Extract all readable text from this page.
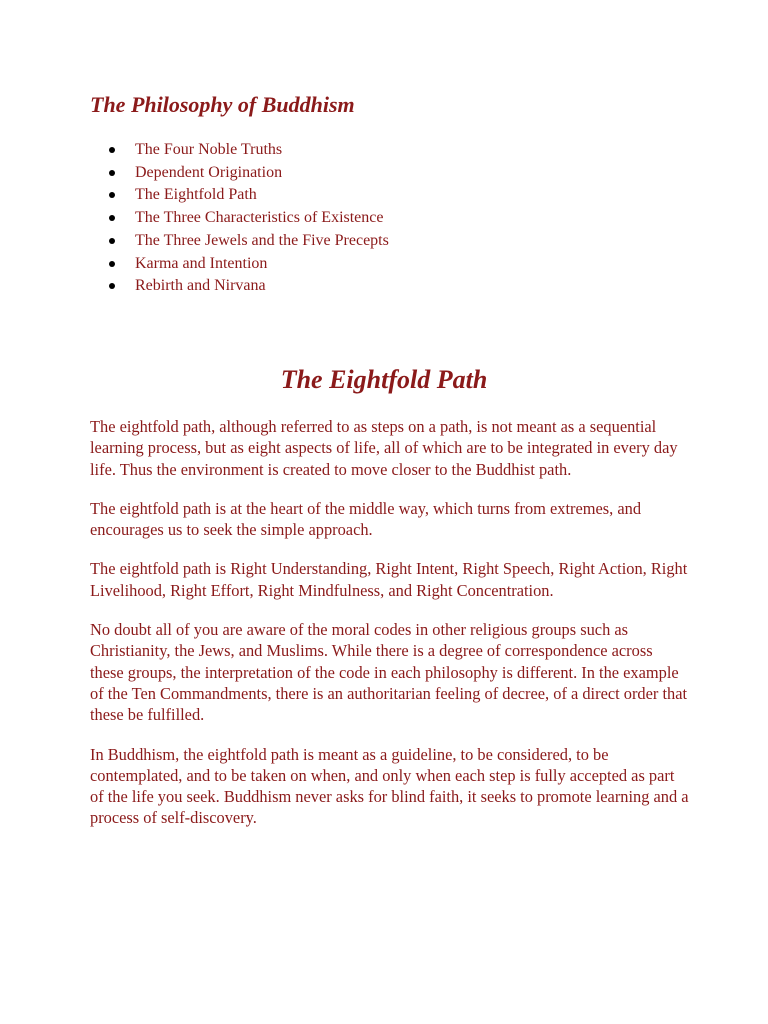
The Philosophy of Buddhism
The Four Noble Truths
Dependent Origination
The Eightfold Path
The Three Characteristics of Existence
The Three Jewels and the Five Precepts
Karma and Intention
Rebirth and Nirvana
The Eightfold Path

The eightfold path, although referred to as steps on a path, is not meant as a sequential learning process, but as eight aspects of life, all of which are to be integrated in every day life. Thus the environment is created to move closer to the Buddhist path.

The eightfold path is at the heart of the middle way, which turns from extremes, and encourages us to seek the simple approach.

The eightfold path is Right Understanding, Right Intent, Right Speech, Right Action, Right Livelihood, Right Effort, Right Mindfulness, and Right Concentration.

No doubt all of you are aware of the moral codes in other religious groups such as Christianity, the Jews, and Muslims. While there is a degree of correspondence across these groups, the interpretation of the code in each philosophy is different. In the example of the Ten Commandments, there is an authoritarian feeling of decree, of a direct order that these be fulfilled.

In Buddhism, the eightfold path is meant as a guideline, to be considered, to be contemplated, and to be taken on when, and only when each step is fully accepted as part of the life you seek. Buddhism never asks for blind faith, it seeks to promote learning and a process of self-discovery.
